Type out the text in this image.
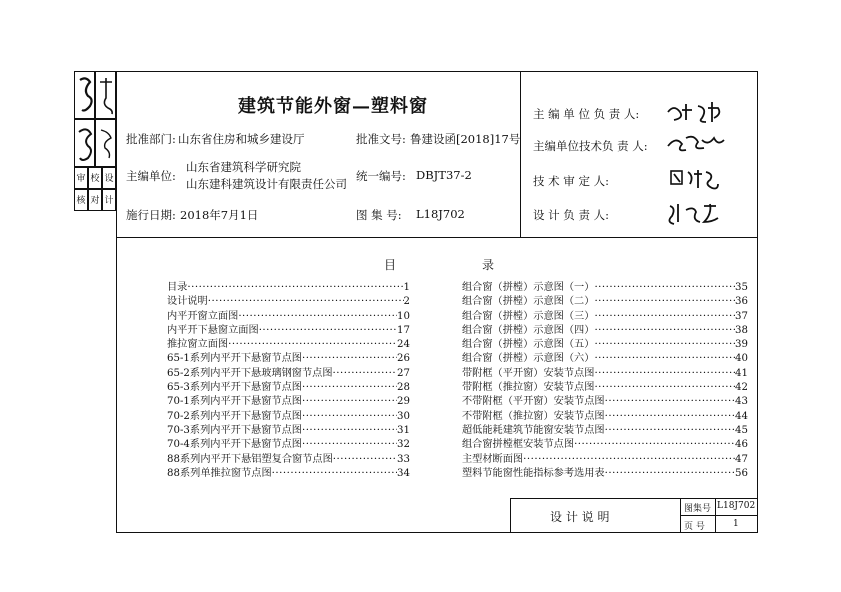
审 校 设
核 对 计
建筑节能外窗—塑料窗
批准部门: 山东省住房和城乡建设厅	批准文号: 鲁建设函[2018]17号
主编单位:
山东省建筑科学研究院
山东建科建筑设计有限责任公司
统一编号: DBJT37-2
施行日期: 2018年7月1日	图 集 号: L18J702
主 编 单 位 负 责 人:
主编单位技术负 责 人:
技 术 审 定 人:
设 计 负 责 人:
目	录
目录 ·····	1
设计说明 ·····	2
内平开窗立面图 ·····	10
内平开下悬窗立面图 ·····	17
推拉窗立面图 ·····	24
65-1系列内平开下悬窗节点图 ·····	26
65-2系列内平开下悬玻璃钢窗节点图 ·····	27
65-3系列内平开下悬窗节点图 ·····	28
70-1系列内平开下悬窗节点图 ·····	29
70-2系列内平开下悬窗节点图 ·····	30
70-3系列内平开下悬窗节点图 ·····	31
70-4系列内平开下悬窗节点图 ·····	32
88系列内平开下悬铝塑复合窗节点图 ·····	33
88系列单推拉窗节点图 ·····	34
组合窗（拼樘）示意图（一） ·····	35
组合窗（拼樘）示意图（二） ·····	36
组合窗（拼樘）示意图（三） ·····	37
组合窗（拼樘）示意图（四） ·····	38
组合窗（拼樘）示意图（五） ·····	39
组合窗（拼樘）示意图（六） ·····	40
带附框（平开窗）安装节点图 ·····	41
带附框（推拉窗）安装节点图 ·····	42
不带附框（平开窗）安装节点图 ·····	43
不带附框（推拉窗）安装节点图 ·····	44
超低能耗建筑节能窗安装节点图 ·····	45
组合窗拼樘框安装节点图 ·····	46
主型材断面图 ·····	47
塑料节能窗性能指标参考选用表 ·····	56
设 计 说 明
图集号 L18J702
页 号	1
